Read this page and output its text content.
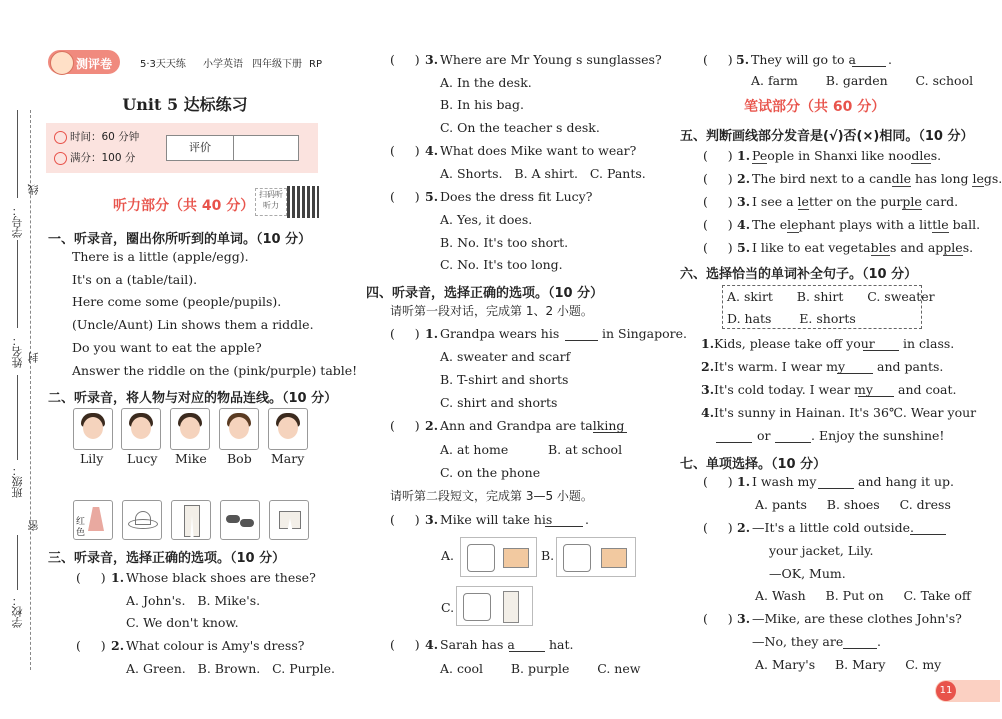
学号：
线
姓名： 封
班级：
密
学校：
测评卷	5·3天天练 小学英语 四年级下册 RP
Unit 5 达标练习
时间：60 分钟
满分：100 分
评价
听力部分（共 40 分）
扫码听听力
一、听录音，圈出你所听到的单词。（10 分）
There is a little (apple/egg).
It's on a (table/tail).
Here come some (people/pupils).
(Uncle/Aunt) Lin shows them a riddle.
Do you want to eat the apple?
Answer the riddle on the (pink/purple) table!
二、听录音，将人物与对应的物品连线。（10 分）
Lily Lucy Mike Bob Mary
红色
三、听录音，选择正确的选项。（10 分）
(     ) 1. Whose black shoes are these?
A. John's.   B. Mike's.
C. We don't know.
(     ) 2. What colour is Amy's dress?
A. Green.   B. Brown.   C. Purple.
(     ) 3. Where are Mr Young s sunglasses?
A. In the desk.
B. In his bag.
C. On the teacher s desk.
(     ) 4. What does Mike want to wear?
A. Shorts.   B. A shirt.   C. Pants.
(     ) 5. Does the dress fit Lucy?
A. Yes, it does.
B. No. It's too short.
C. No. It's too long.
四、听录音，选择正确的选项。（10 分）
请听第一段对话，完成第 1、2 小题。
(     ) 1. Grandpa wears his	in Singapore.
A. sweater and scarf
B. T-shirt and shorts
C. shirt and shorts
(     ) 2. Ann and Grandpa are talking
A. at home          B. at school
C. on the phone
请听第二段短文，完成第 3—5 小题。
(     ) 3. Mike will take his	.
A.	B.
C.
(     ) 4. Sarah has a	hat.
A. cool       B. purple       C. new
(     ) 5. They will go to a	.
A. farm       B. garden       C. school
笔试部分（共 60 分）
五、判断画线部分发音是(√)否(×)相同。（10 分）
(     ) 1. People in Shanxi like noodles.
(     ) 2. The bird next to a candle has long legs.
(     ) 3. I see a letter on the purple card.
(     ) 4. The elephant plays with a little ball.
(     ) 5. I like to eat vegetables and apples.
六、选择恰当的单词补全句子。（10 分）
A. skirt      B. shirt      C. sweater
D. hats       E. shorts
1. Kids, please take off your in class.
2. It's warm. I wear my	and pants.
3. It's cold today. I wear my and coat.
4. It's sunny in Hainan. It's 36℃. Wear your
or	. Enjoy the sunshine!
七、单项选择。（10 分）
(     ) 1. I wash my	and hang it up.
A. pants     B. shoes     C. dress
(     ) 2. —It's a little cold outside.
your jacket, Lily.
—OK, Mum.
A. Wash     B. Put on     C. Take off
(     ) 3. —Mike, are these clothes John's?
—No, they are	.
A. Mary's     B. Mary     C. my
11
